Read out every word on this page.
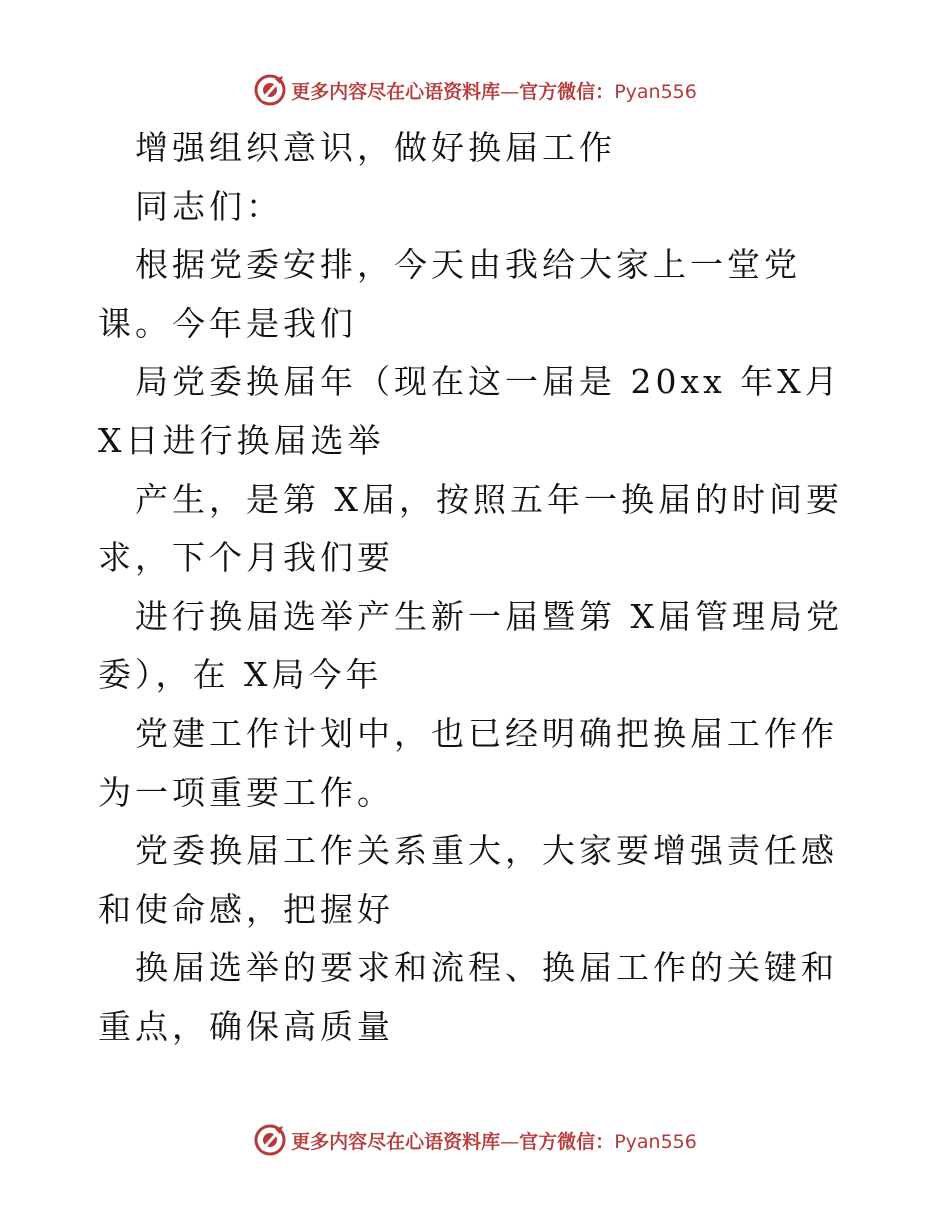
更多内容尽在心语资料库—官方微信：Pyan556

增强组织意识，做好换届工作

同志们：

根据党委安排，今天由我给大家上一堂党课。今年是我们

局党委换届年（现在这一届是 20xx 年X月X日进行换届选举

产生，是第 X届，按照五年一换届的时间要求，下个月我们要

进行换届选举产生新一届暨第 X届管理局党委），在 X局今年

党建工作计划中，也已经明确把换届工作作为一项重要工作。

党委换届工作关系重大，大家要增强责任感和使命感，把握好

换届选举的要求和流程、换届工作的关键和重点，确保高质量

更多内容尽在心语资料库—官方微信：Pyan556
